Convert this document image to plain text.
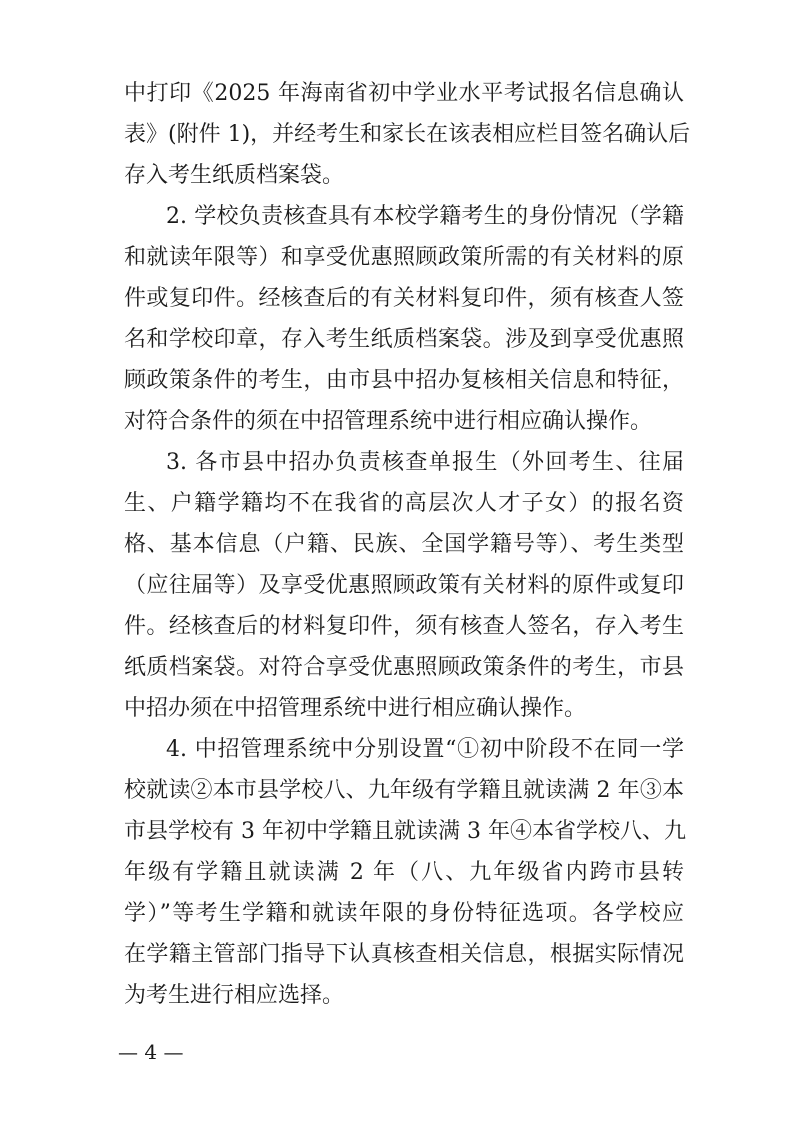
中打印《2025 年海南省初中学业水平考试报名信息确认
表》(附件 1)，并经考生和家长在该表相应栏目签名确认后
存入考生纸质档案袋。
2. 学校负责核查具有本校学籍考生的身份情况（学籍
和就读年限等）和享受优惠照顾政策所需的有关材料的原
件或复印件。经核查后的有关材料复印件，须有核查人签
名和学校印章，存入考生纸质档案袋。涉及到享受优惠照
顾政策条件的考生，由市县中招办复核相关信息和特征，
对符合条件的须在中招管理系统中进行相应确认操作。
3. 各市县中招办负责核查单报生（外回考生、往届
生、户籍学籍均不在我省的高层次人才子女）的报名资
格、基本信息（户籍、民族、全国学籍号等）、考生类型
（应往届等）及享受优惠照顾政策有关材料的原件或复印
件。经核查后的材料复印件，须有核查人签名，存入考生
纸质档案袋。对符合享受优惠照顾政策条件的考生，市县
中招办须在中招管理系统中进行相应确认操作。
4. 中招管理系统中分别设置“①初中阶段不在同一学
校就读②本市县学校八、九年级有学籍且就读满 2 年③本
市县学校有 3 年初中学籍且就读满 3 年④本省学校八、九
年级有学籍且就读满 2 年（八、九年级省内跨市县转
学）”等考生学籍和就读年限的身份特征选项。各学校应
在学籍主管部门指导下认真核查相关信息，根据实际情况
为考生进行相应选择。
— 4 —
